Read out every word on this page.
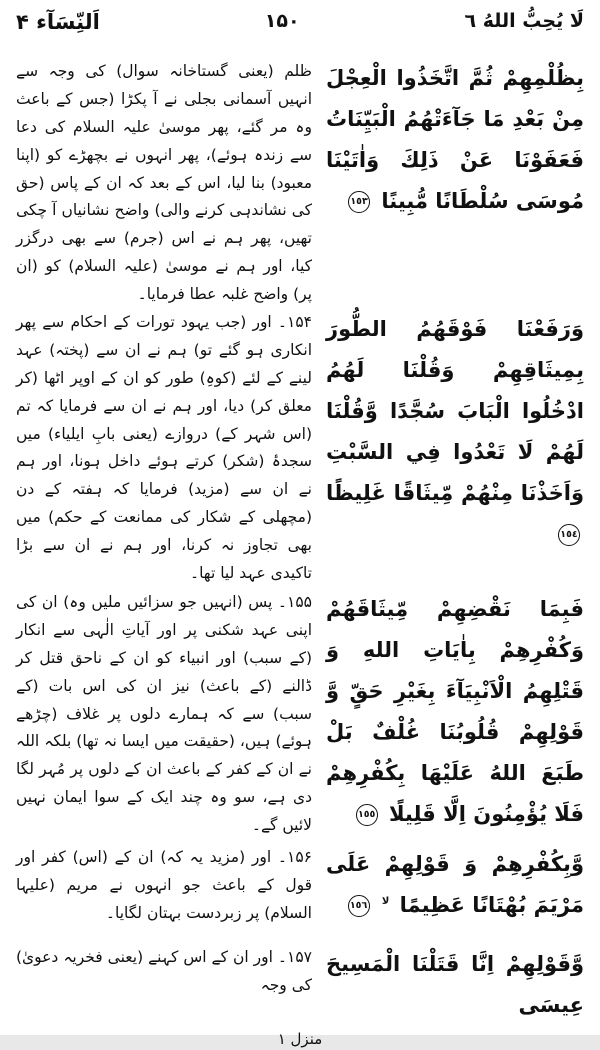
لَا يُحِبُّ اللهُ ٦
۱۵۰
اَلنِّسَآء ۴
بِظُلْمِهِمْ ثُمَّ اتَّخَذُوا الْعِجْلَ مِنْ بَعْدِ مَا جَآءَتْهُمُ الْبَيِّنَاتُ فَعَفَوْنَا عَنْ ذَلِكَ وَاٰتَيْنَا مُوسَى سُلْطَانًا مُّبِينًا ١٥٣
ظلم (یعنی گستاخانہ سوال) کی وجہ سے انہیں آسمانی بجلی نے آ پکڑا (جس کے باعث وہ مر گئے، پھر موسیٰ علیہ السلام کی دعا سے زندہ ہوئے)، پھر انہوں نے بچھڑے کو (اپنا معبود) بنا لیا، اس کے بعد کہ ان کے پاس (حق کی نشاندہی کرنے والی) واضح نشانیاں آ چکی تھیں، پھر ہم نے اس (جرم) سے بھی درگزر کیا، اور ہم نے موسیٰ (علیہ السلام) کو (ان پر) واضح غلبہ عطا فرمایا۔
وَرَفَعْنَا فَوْقَهُمُ الطُّورَ بِمِيثَاقِهِمْ وَقُلْنَا لَهُمُ ادْخُلُوا الْبَابَ سُجَّدًا وَّقُلْنَا لَهُمْ لَا تَعْدُوا فِي السَّبْتِ وَاَخَذْنَا مِنْهُمْ مِّيثَاقًا غَلِيظًا ١٥٤
۱۵۴۔ اور (جب یہود تورات کے احکام سے پھر انکاری ہو گئے تو) ہم نے ان سے (پختہ) عہد لینے کے لئے (کوہِ) طور کو ان کے اوپر اٹھا (کر معلق کر) دیا، اور ہم نے ان سے فرمایا کہ تم (اس شہر کے) دروازے (یعنی بابِ ایلیاء) میں سجدۂ (شکر) کرتے ہوئے داخل ہونا، اور ہم نے ان سے (مزید) فرمایا کہ ہفتہ کے دن (مچھلی کے شکار کی ممانعت کے حکم) میں بھی تجاوز نہ کرنا، اور ہم نے ان سے بڑا تاکیدی عہد لیا تھا۔
فَبِمَا نَقْضِهِمْ مِّيثَاقَهُمْ وَكُفْرِهِمْ بِاٰيَاتِ اللهِ وَ قَتْلِهِمُ الْاَنْبِيَآءَ بِغَيْرِ حَقٍّ وَّ قَوْلِهِمْ قُلُوبُنَا غُلْفٌ بَلْ طَبَعَ اللهُ عَلَيْهَا بِكُفْرِهِمْ فَلَا يُؤْمِنُونَ اِلَّا قَلِيلًا ١٥٥
۱۵۵۔ پس (انہیں جو سزائیں ملیں وہ) ان کی اپنی عہد شکنی پر اور آیاتِ الٰہی سے انکار (کے سبب) اور انبیاء کو ان کے ناحق قتل کر ڈالنے (کے باعث) نیز ان کی اس بات (کے سبب) سے کہ ہمارے دلوں پر غلاف (چڑھے ہوئے) ہیں، (حقیقت میں ایسا نہ تھا) بلکہ اللہ نے ان کے کفر کے باعث ان کے دلوں پر مُہر لگا دی ہے، سو وہ چند ایک کے سوا ایمان نہیں لائیں گے۔
وَّبِكُفْرِهِمْ وَ قَوْلِهِمْ عَلَى مَرْيَمَ بُهْتَانًا عَظِيمًا $^{لا}$ ١٥٦
۱۵۶۔ اور (مزید یہ کہ) ان کے (اس) کفر اور قول کے باعث جو انہوں نے مریم (علیہا السلام) پر زبردست بہتان لگایا۔
وَّقَوْلِهِمْ اِنَّا قَتَلْنَا الْمَسِيحَ عِيسَى
۱۵۷۔ اور ان کے اس کہنے (یعنی فخریہ دعویٰ) کی وجہ
منزل ۱
